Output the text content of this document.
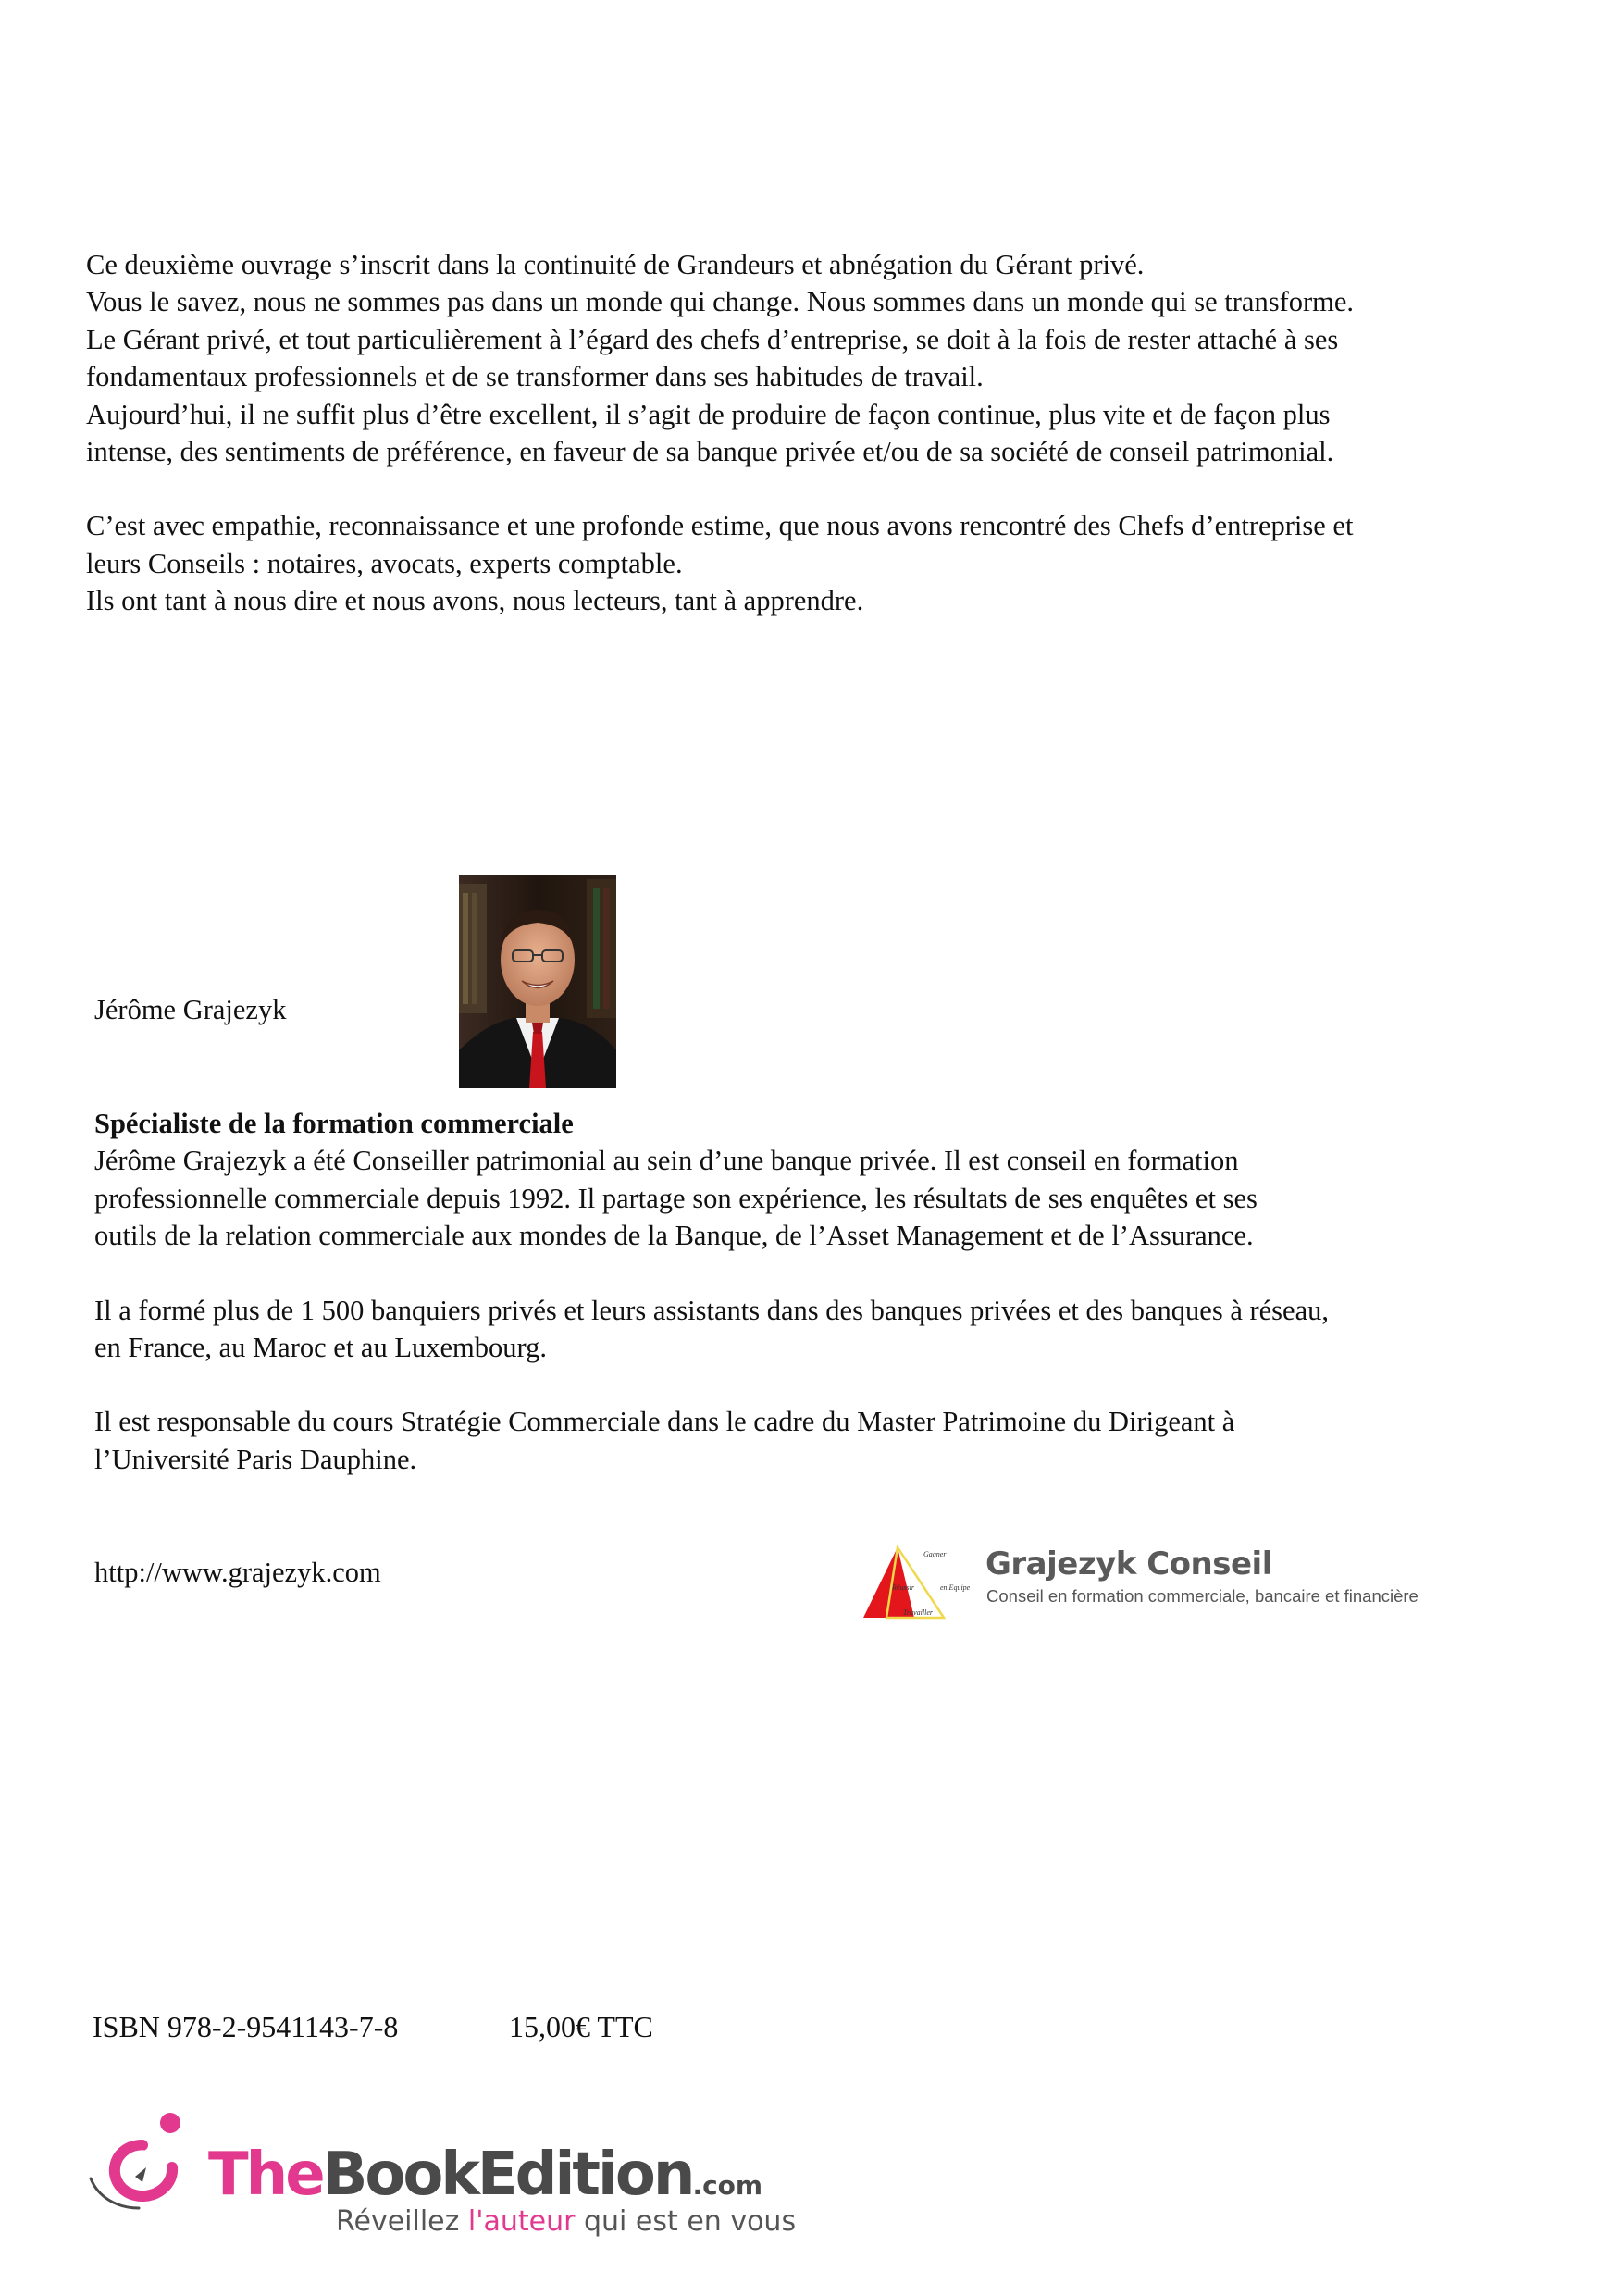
Ce deuxième ouvrage s’inscrit dans la continuité de Grandeurs et abnégation du Gérant privé.

Vous le savez, nous ne sommes pas dans un monde qui change. Nous sommes dans un monde qui se transforme.

Le Gérant privé, et tout particulièrement à l’égard des chefs d’entreprise, se doit à la fois de rester attaché à ses

fondamentaux professionnels et de se transformer dans ses habitudes de travail.

Aujourd’hui, il ne suffit plus d’être excellent, il s’agit de produire de façon continue, plus vite et de façon plus

intense, des sentiments de préférence, en faveur de sa banque privée et/ou de sa société de conseil patrimonial.

C’est avec empathie, reconnaissance et une profonde estime, que nous avons rencontré des Chefs d’entreprise et

leurs Conseils : notaires, avocats, experts comptable.

Ils ont tant à nous dire et nous avons, nous lecteurs, tant à apprendre.

Jérôme Grajezyk

Spécialiste de la formation commerciale

Jérôme Grajezyk a été Conseiller patrimonial au sein d’une banque privée. Il est conseil en formation

professionnelle commerciale depuis 1992. Il partage son expérience, les résultats de ses enquêtes et ses

outils de la relation commerciale aux mondes de la Banque, de l’Asset Management et de l’Assurance.

Il a formé plus de 1 500 banquiers privés et leurs assistants dans des banques privées et des banques à réseau,

en France, au Maroc et au Luxembourg.

Il est responsable du cours Stratégie Commerciale dans le cadre du Master Patrimoine du Dirigeant à

l’Université Paris Dauphine.

http://www.grajezyk.com
Gagner
Réussir	en Equipe
Travailler
Grajezyk Conseil
Conseil en formation commerciale, bancaire et financière
ISBN 978-2-9541143-7-8	15,00€ TTC
TheBookEdition.com
Réveillez l'auteur qui est en vous
